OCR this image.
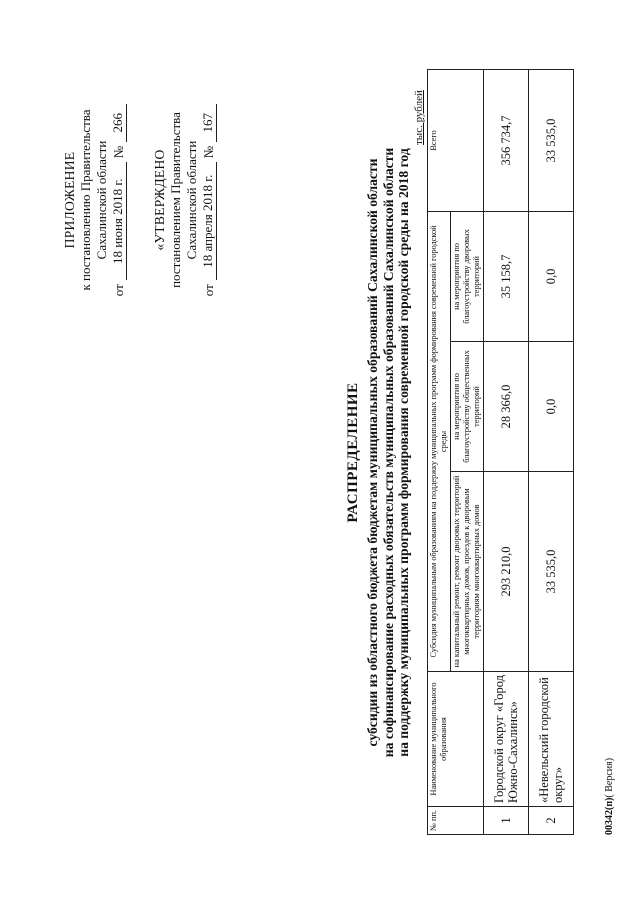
ПРИЛОЖЕНИЕ к постановлению Правительства Сахалинской области
от
18 июня 2018 г.
№
266
«УТВЕРЖДЕНО постановлением Правительства Сахалинской области
от
18 апреля 2018 г.
№
167
РАСПРЕДЕЛЕНИЕ субсидии из областного бюджета бюджетам муниципальных образований Сахалинской области на софинансирование расходных обязательств муниципальных образований Сахалинской области на поддержку муниципальных программ формирования современной городской среды на 2018 год
тыс. рублей
№ пп.	Наименование муниципального образования	Субсидия муниципальным образованиям на поддержку муниципальных программ формирования современной городской среды			Всего
		на капитальный ремонт, ремонт дворовых территорий многоквартирных домов, проездов к дворовым территориям многоквартирных домов	на мероприятия по благоустройству общественных территорий	на мероприятия по благоустройству дворовых территорий	
1	Городской округ «Город Южно-Сахалинск»	293 210,0	28 366,0	35 158,7	356 734,7
2	«Невельский городской округ»	33 535,0	0,0	0,0	33 535,0
00342(п)( Версия)
